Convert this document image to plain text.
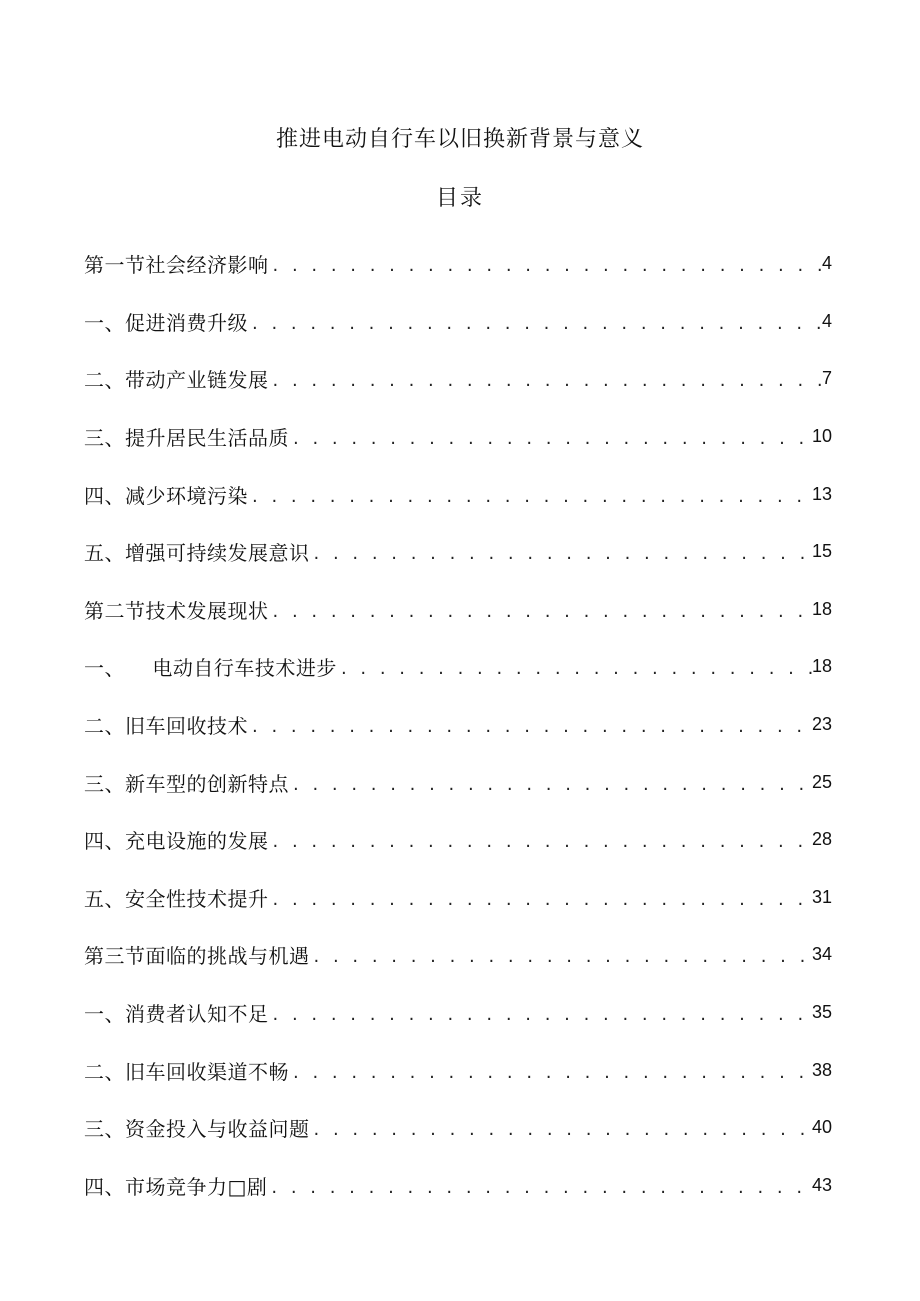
推进电动自行车以旧换新背景与意义
目录
第一节社会经济影响 . . .	4
一、促进消费升级 . . .	4
二、带动产业链发展 . . .	7
三、提升居民生活品质 . . .	10
四、减少环境污染 . . .	13
五、增强可持续发展意识 . . .	15
第二节技术发展现状 . . .	18
一、    电动自行车技术进步 . . .	18
二、旧车回收技术 . . .	23
三、新车型的创新特点 . . .	25
四、充电设施的发展 . . .	28
五、安全性技术提升 . . .	31
第三节面临的挑战与机遇 . . .	34
一、消费者认知不足 . . .	35
二、旧车回收渠道不畅 . . .	38
三、资金投入与收益问题 . . .	40
四、市场竞争力□剧 . . .	43
